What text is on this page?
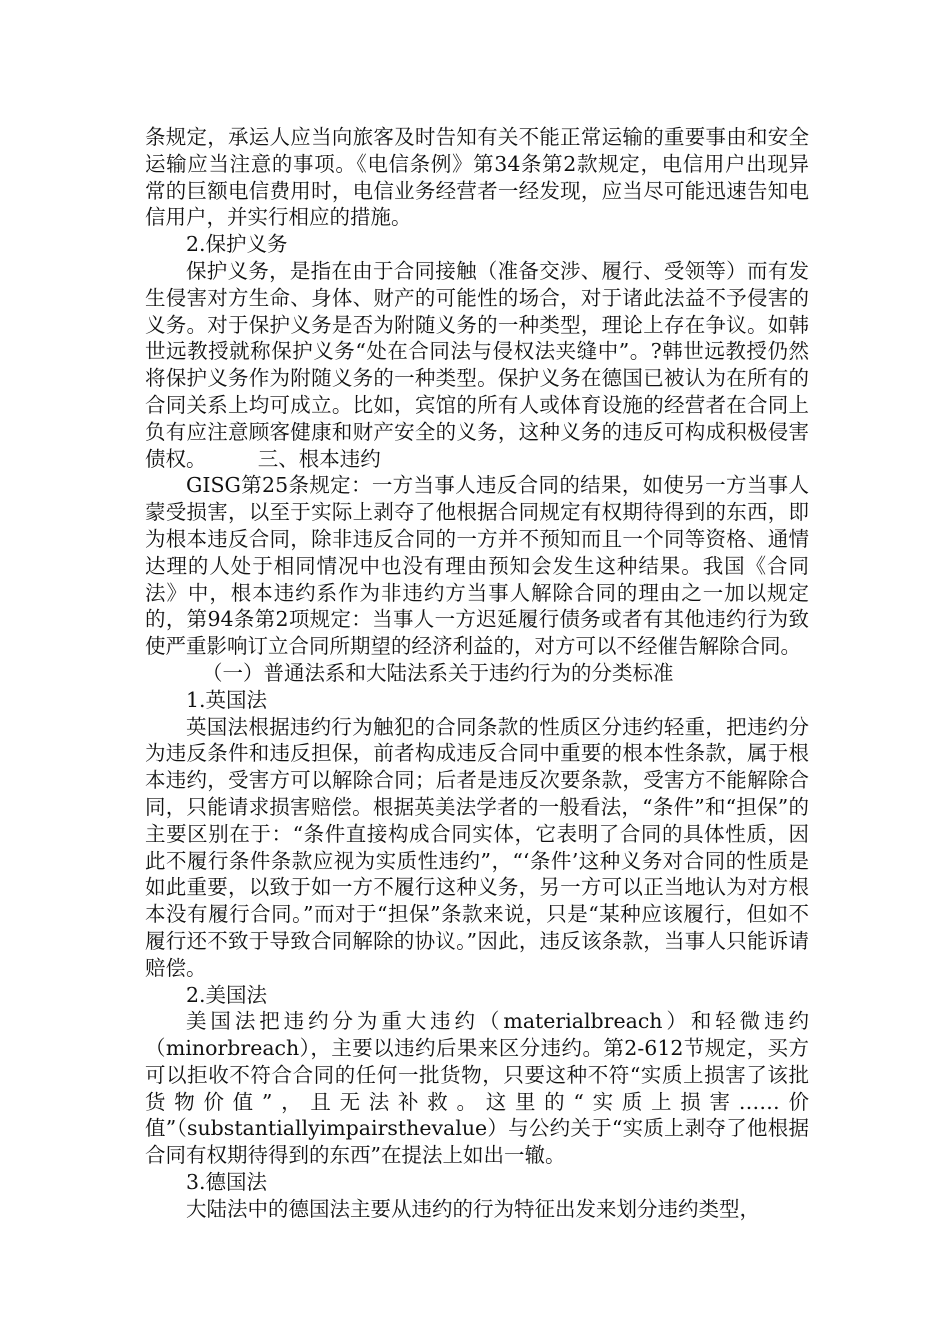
条规定，承运人应当向旅客及时告知有关不能正常运输的重要事由和安全运输应当注意的事项。《电信条例》第34条第2款规定，电信用户出现异常的巨额电信费用时，电信业务经营者一经发现，应当尽可能迅速告知电信用户，并实行相应的措施。

2.保护义务

保护义务，是指在由于合同接触（准备交涉、履行、受领等）而有发生侵害对方生命、身体、财产的可能性的场合，对于诸此法益不予侵害的义务。对于保护义务是否为附随义务的一种类型，理论上存在争议。如韩世远教授就称保护义务“处在合同法与侵权法夹缝中”。?韩世远教授仍然将保护义务作为附随义务的一种类型。保护义务在德国已被认为在所有的合同关系上均可成立。比如，宾馆的所有人或体育设施的经营者在合同上负有应注意顾客健康和财产安全的义务，这种义务的违反可构成积极侵害债权。　　　三、根本违约

GISG第25条规定：一方当事人违反合同的结果，如使另一方当事人蒙受损害，以至于实际上剥夺了他根据合同规定有权期待得到的东西，即为根本违反合同，除非违反合同的一方并不预知而且一个同等资格、通情达理的人处于相同情况中也没有理由预知会发生这种结果。我国《合同法》中，根本违约系作为非违约方当事人解除合同的理由之一加以规定的，第94条第2项规定：当事人一方迟延履行债务或者有其他违约行为致使严重影响订立合同所期望的经济利益的，对方可以不经催告解除合同。

（一）普通法系和大陆法系关于违约行为的分类标准

1.英国法

英国法根据违约行为触犯的合同条款的性质区分违约轻重，把违约分为违反条件和违反担保，前者构成违反合同中重要的根本性条款，属于根本违约，受害方可以解除合同；后者是违反次要条款，受害方不能解除合同，只能请求损害赔偿。根据英美法学者的一般看法，“条件”和“担保”的主要区别在于：“条件直接构成合同实体，它表明了合同的具体性质，因此不履行条件条款应视为实质性违约”，“‘条件’这种义务对合同的性质是如此重要，以致于如一方不履行这种义务，另一方可以正当地认为对方根本没有履行合同。”而对于“担保”条款来说，只是“某种应该履行，但如不履行还不致于导致合同解除的协议。”因此，违反该条款，当事人只能诉请赔偿。

2.美国法

美国法把违约分为重大违约（materialbreach）和轻微违约（minorbreach），主要以违约后果来区分违约。第2-612节规定，买方可以拒收不符合合同的任何一批货物，只要这种不符“实质上损害了该批货物价值”，且无法补救。这里的“实质上损害……价值”（substantiallyimpairsthevalue）与公约关于“实质上剥夺了他根据合同有权期待得到的东西”在提法上如出一辙。

3.德国法

大陆法中的德国法主要从违约的行为特征出发来划分违约类型，
